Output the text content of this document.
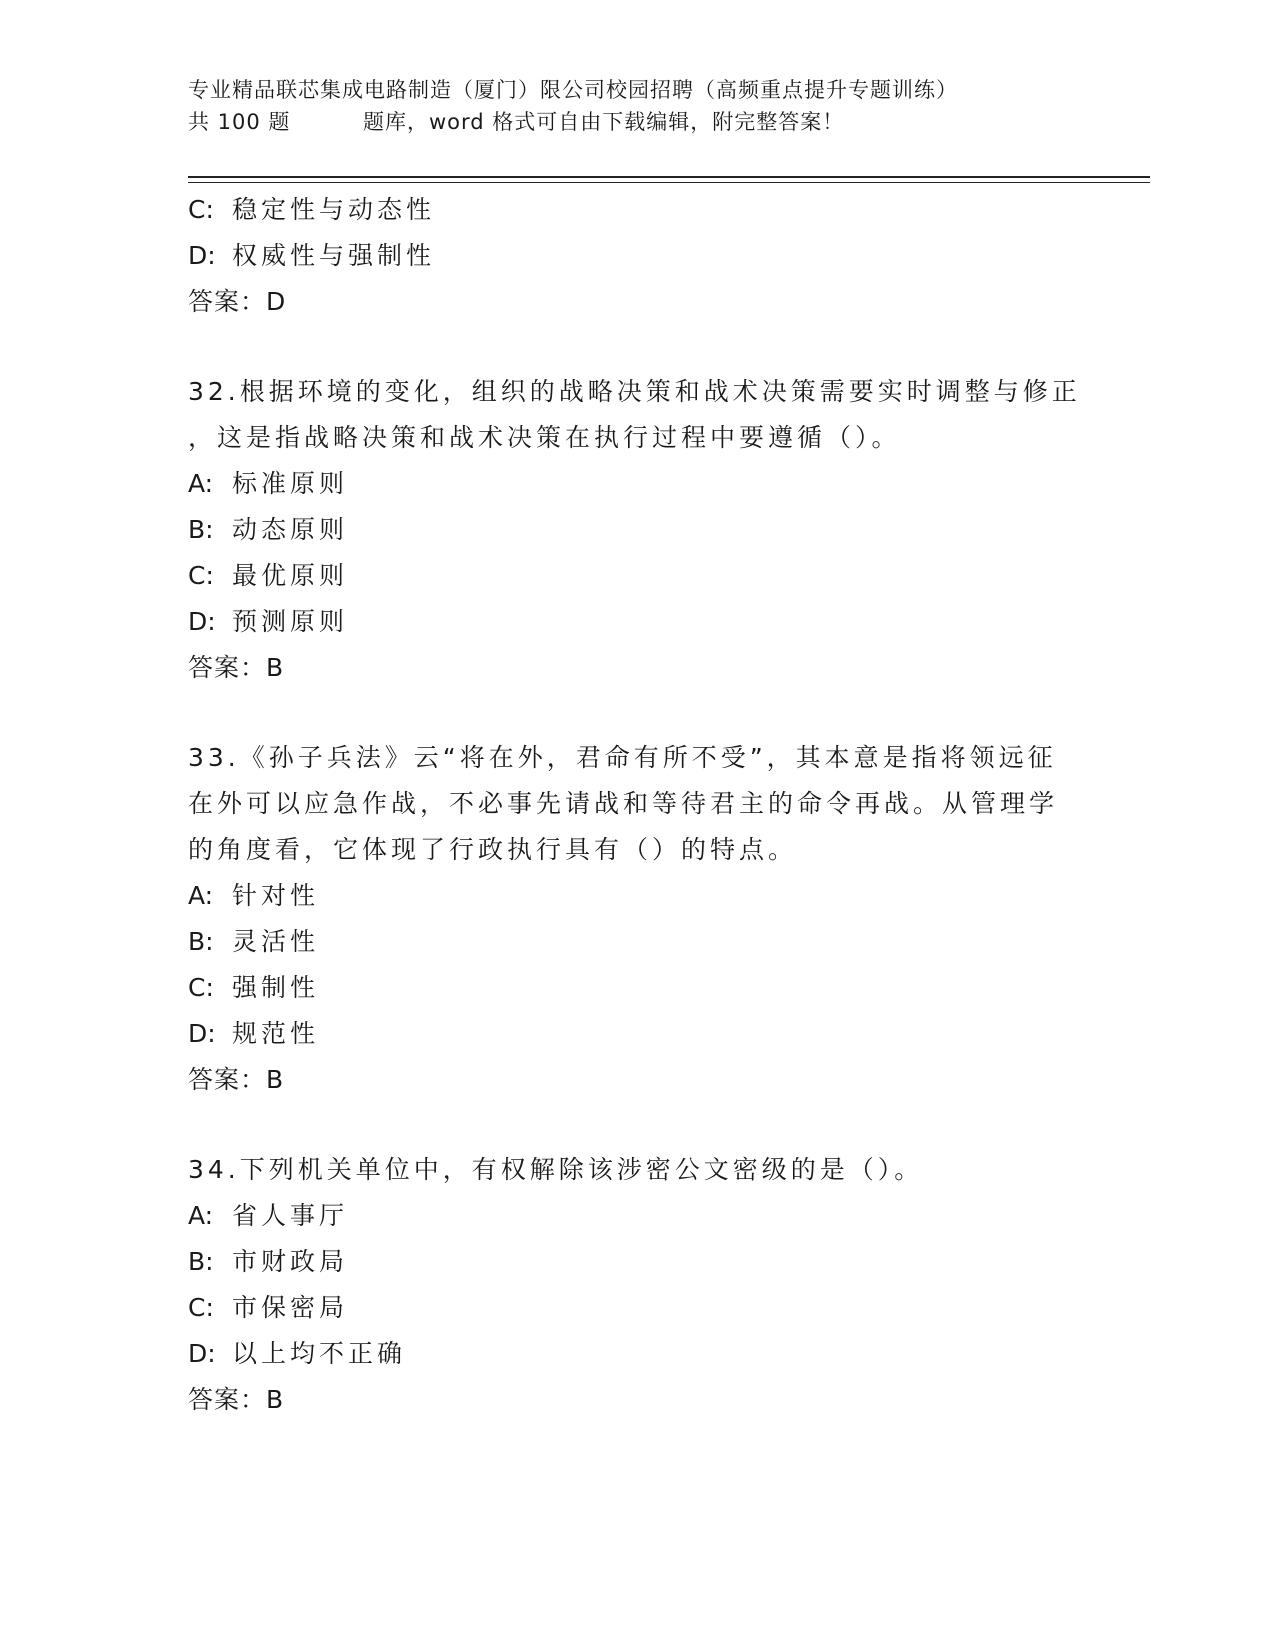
专业精品联芯集成电路制造（厦门）限公司校园招聘（高频重点提升专题训练）
共 100 题	题库，word 格式可自由下载编辑，附完整答案！
C: 稳定性与动态性
D: 权威性与强制性
答案：D
32.根据环境的变化，组织的战略决策和战术决策需要实时调整与修正
，这是指战略决策和战术决策在执行过程中要遵循（）。
A: 标准原则
B: 动态原则
C: 最优原则
D: 预测原则
答案：B
33.《孙子兵法》云“将在外，君命有所不受”，其本意是指将领远征
在外可以应急作战，不必事先请战和等待君主的命令再战。从管理学
的角度看，它体现了行政执行具有（）的特点。
A: 针对性
B: 灵活性
C: 强制性
D: 规范性
答案：B
34.下列机关单位中，有权解除该涉密公文密级的是（）。
A: 省人事厅
B: 市财政局
C: 市保密局
D: 以上均不正确
答案：B
